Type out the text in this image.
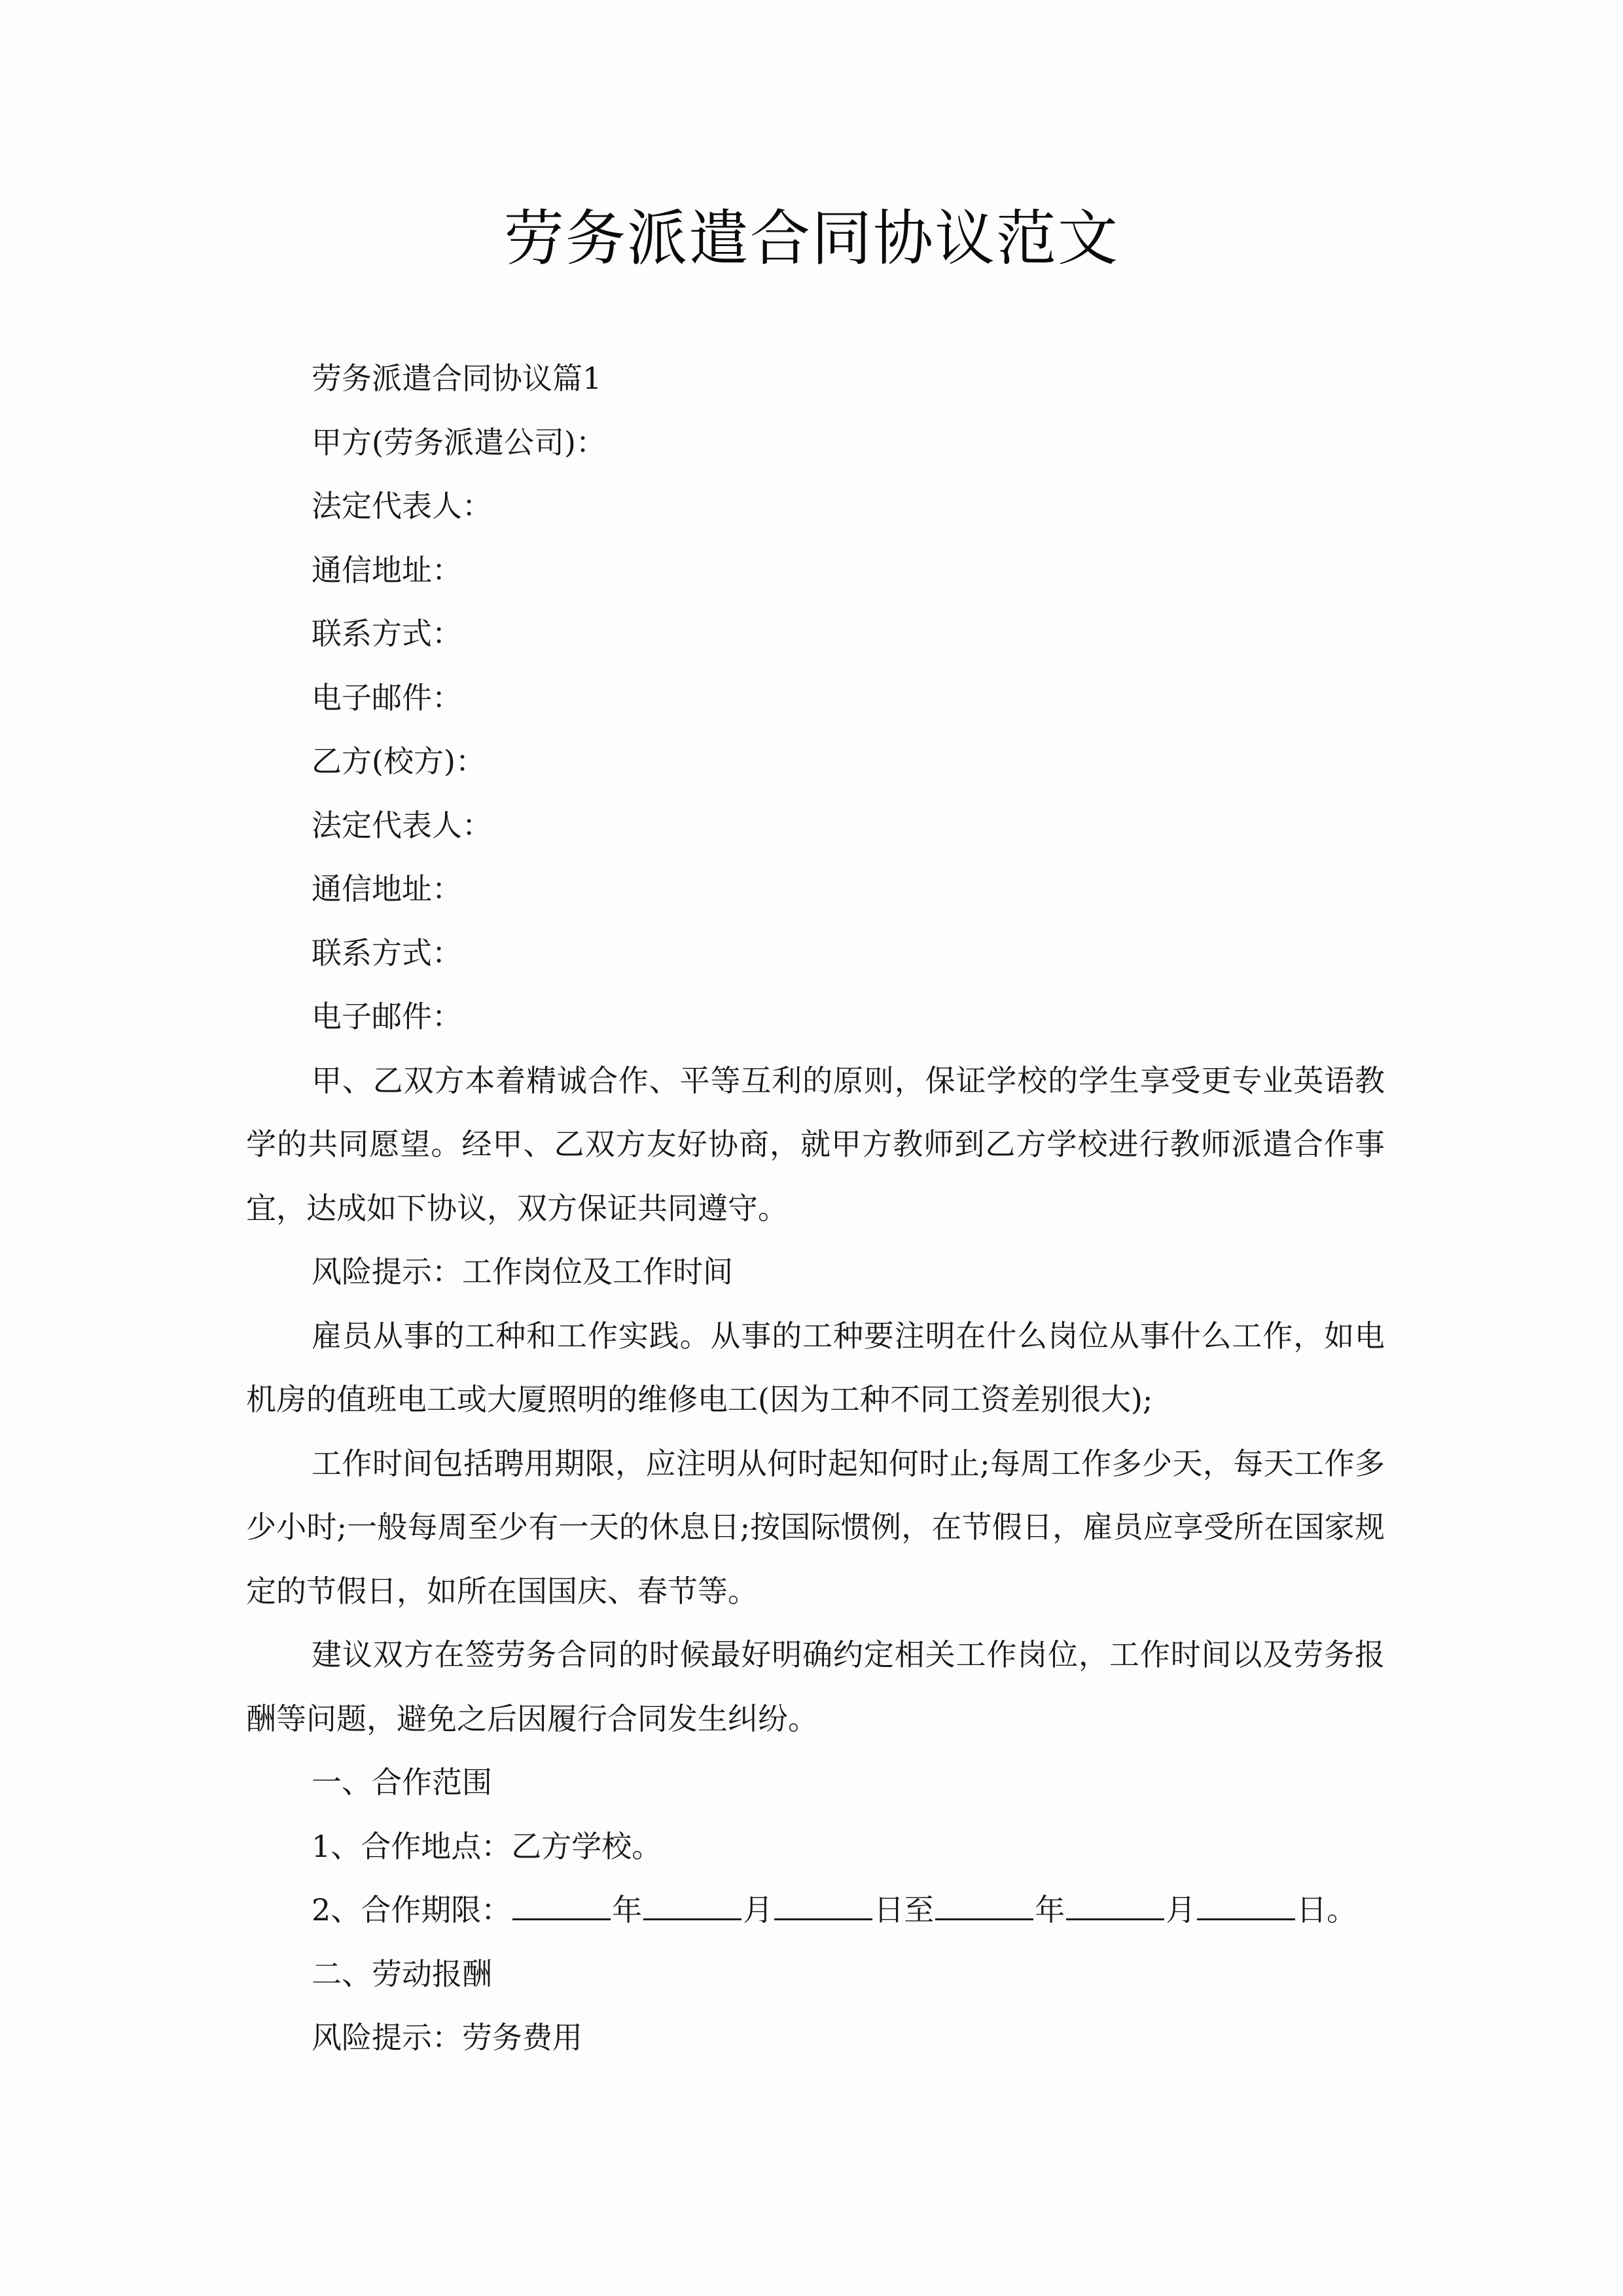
劳务派遣合同协议范文
劳务派遣合同协议篇1
甲方(劳务派遣公司)：
法定代表人：
通信地址：
联系方式：
电子邮件：
乙方(校方)：
法定代表人：
通信地址：
联系方式：
电子邮件：

甲、乙双方本着精诚合作、平等互利的原则，保证学校的学生享受更专业英语教学的共同愿望。经甲、乙双方友好协商，就甲方教师到乙方学校进行教师派遣合作事宜，达成如下协议，双方保证共同遵守。

风险提示：工作岗位及工作时间

雇员从事的工种和工作实践。从事的工种要注明在什么岗位从事什么工作，如电机房的值班电工或大厦照明的维修电工(因为工种不同工资差别很大);

工作时间包括聘用期限，应注明从何时起知何时止;每周工作多少天，每天工作多少小时;一般每周至少有一天的休息日;按国际惯例，在节假日，雇员应享受所在国家规定的节假日，如所在国国庆、春节等。

建议双方在签劳务合同的时候最好明确约定相关工作岗位，工作时间以及劳务报酬等问题，避免之后因履行合同发生纠纷。

一、合作范围
1、合作地点：乙方学校。
2、合作期限：	年	月	日至	年	月	日。
二、劳动报酬
风险提示：劳务费用
